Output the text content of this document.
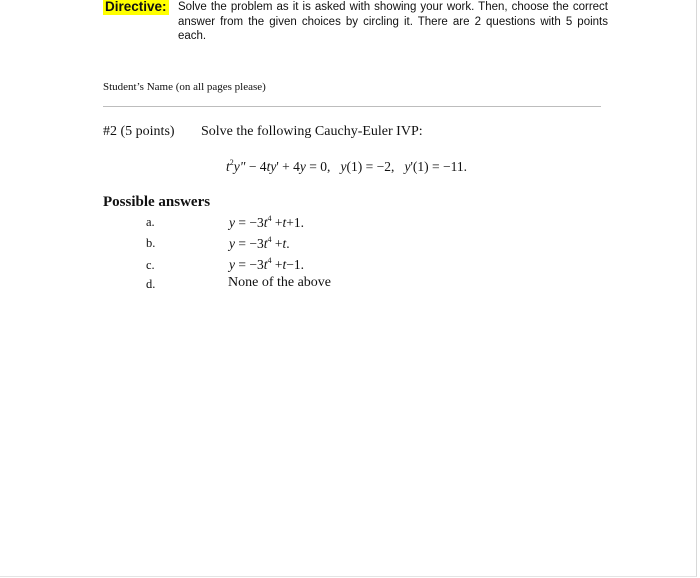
Directive: Solve the problem as it is asked with showing your work. Then, choose the correct answer from the given choices by circling it. There are 2 questions with 5 points each.
Student’s Name (on all pages please)
#2 (5 points) Solve the following Cauchy-Euler IVP:
$t^2y$" − 4ty' + 4y = 0, y(1) = −2, y'(1) = −11.
Possible answers
a.	$y = -3t^4 +t+1$.
b.	$y = -3t^4 +t$.
c.	$y = -3t^4 +t-1$.
d.	None of the above
